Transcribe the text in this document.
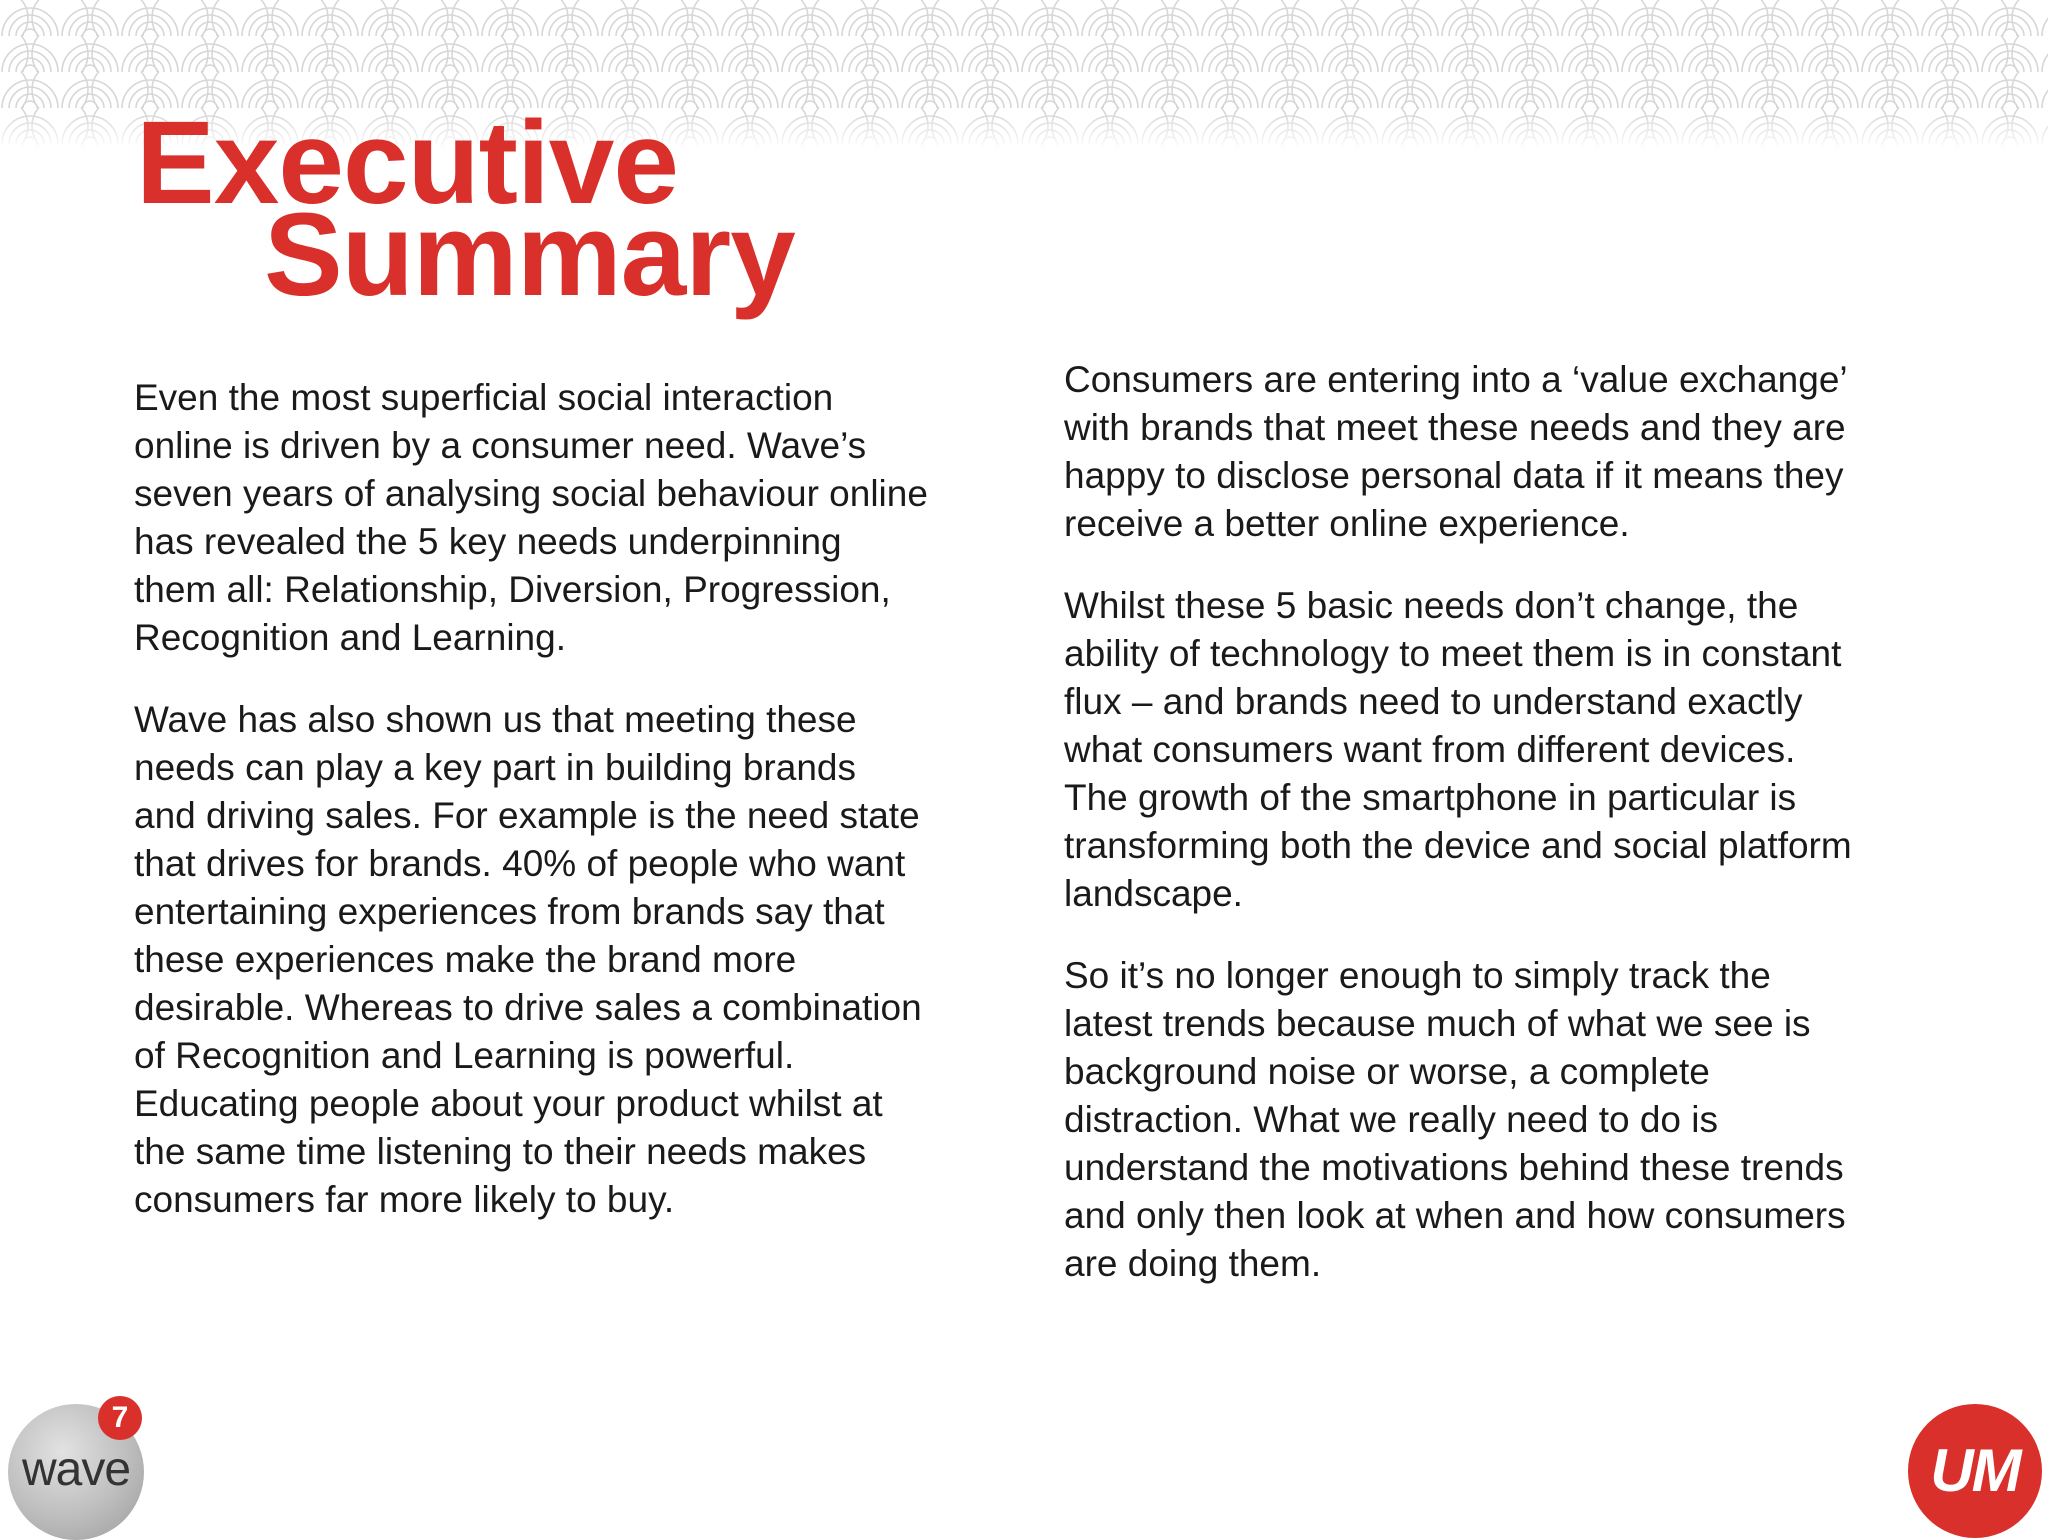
Executive
Summary

Even the most superficial social interaction
online is driven by a consumer need. Wave’s
seven years of analysing social behaviour online
has revealed the 5 key needs underpinning
them all: Relationship, Diversion, Progression,
Recognition and Learning.

Wave has also shown us that meeting these
needs can play a key part in building brands
and driving sales. For example is the need state
that drives for brands. 40% of people who want
entertaining experiences from brands say that
these experiences make the brand more
desirable. Whereas to drive sales a combination
of Recognition and Learning is powerful.
Educating people about your product whilst at
the same time listening to their needs makes
consumers far more likely to buy.

Consumers are entering into a ‘value exchange’
with brands that meet these needs and they are
happy to disclose personal data if it means they
receive a better online experience.

Whilst these 5 basic needs don’t change, the
ability of technology to meet them is in constant
flux – and brands need to understand exactly
what consumers want from different devices.
The growth of the smartphone in particular is
transforming both the device and social platform
landscape.

So it’s no longer enough to simply track the
latest trends because much of what we see is
background noise or worse, a complete
distraction. What we really need to do is
understand the motivations behind these trends
and only then look at when and how consumers
are doing them.

wave
7
UM
